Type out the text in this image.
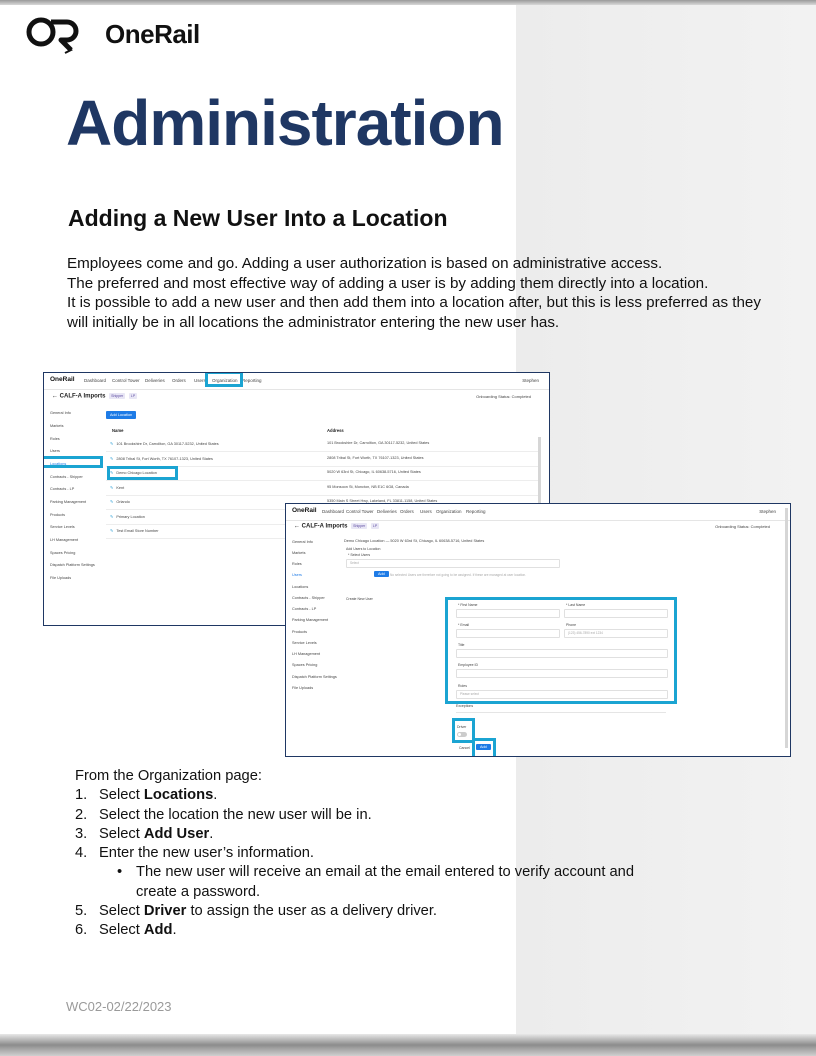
OneRail
Administration
Adding a New User Into a Location

Employees come and go. Adding a user authorization is based on administrative access.

The preferred and most effective way of adding a user is by adding them directly into a location.

It is possible to add a new user and then add them into a location after, but this is less preferred as they will initially be in all locations the administrator entering the new user has.

OneRail Dashboard Control Tower Deliveries Orders Users Organization Reporting	Stephen
← CALF-A Imports Shipper LP	Onboarding Status: Completed
General Info
Markets
Roles
Users
Locations
Contracts - Shipper
Contracts - LP
Parking Management
Products
Service Levels
LH Management
Spaces Pricing
Dispatch Platform Settings
File Uploads
Add Location
Name	Address
✎ 101 Brookshire Dr, Carrollton, GA 30117-5232, United States	101 Brookshire Dr, Carrollton, GA 30117-5232, United States
✎ 2808 Tribal St, Fort Worth, TX 76107-1323, United States	2808 Tribal St, Fort Worth, TX 76107-1323, United States
✎ Demo Chicago Location	5020 W 63rd St, Chicago, IL 60638-5716, United States
✎ Kent	95 Monsoon St, Moncton, NB E1C 6G8, Canada
✎ Orlando	5350 Main S Street Hwy, Lakeland, FL 33811-1158, United States
✎ Primary Location
✎ Test Email Store Number
OneRail Dashboard Control Tower Deliveries Orders Users Organization Reporting	Stephen
← CALF-A Imports Shipper LP	Onboarding Status: Completed
General Info
Markets
Roles
Users
Locations
Contracts - Shipper
Contracts - LP
Parking Management
Products
Service Levels
LH Management
Spaces Pricing
Dispatch Platform Settings
File Uploads
Demo Chicago Location — 5020 W 63rd St, Chicago, IL 60638-5716, United States
Add Users to Location
* Select Users
Select
Add	No selected Users are therefore not going to be assigned. If these are managed at user location.
Create New User
* First Name	* Last Name
* Email	Phone
(123) 456-7890 ext 1234
Title
Employee ID
Roles
Please select
Exceptions
Driver
Cancel	Add

From the Organization page:

1. Select Locations.
2. Select the location the new user will be in.
3. Select Add User.
4. Enter the new user’s information.
• The new user will receive an email at the email entered to verify account and
create a password.
5. Select Driver to assign the user as a delivery driver.
6. Select Add.
WC02-02/22/2023
